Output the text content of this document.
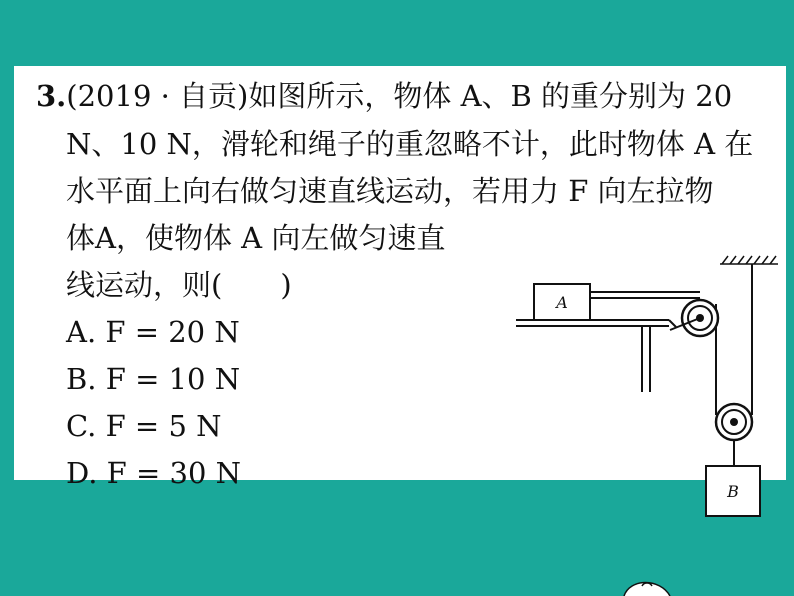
3.(2019 · 自贡)如图所示，物体 A、B 的重分别为 20
N、10 N，滑轮和绳子的重忽略不计，此时物体 A 在
水平面上向右做匀速直线运动，若用力 F 向左拉物
体A，使物体 A 向左做匀速直
线运动，则(　　)
A. F = 20 N
B. F = 10 N
C. F = 5 N
D. F = 30 N
A
B
